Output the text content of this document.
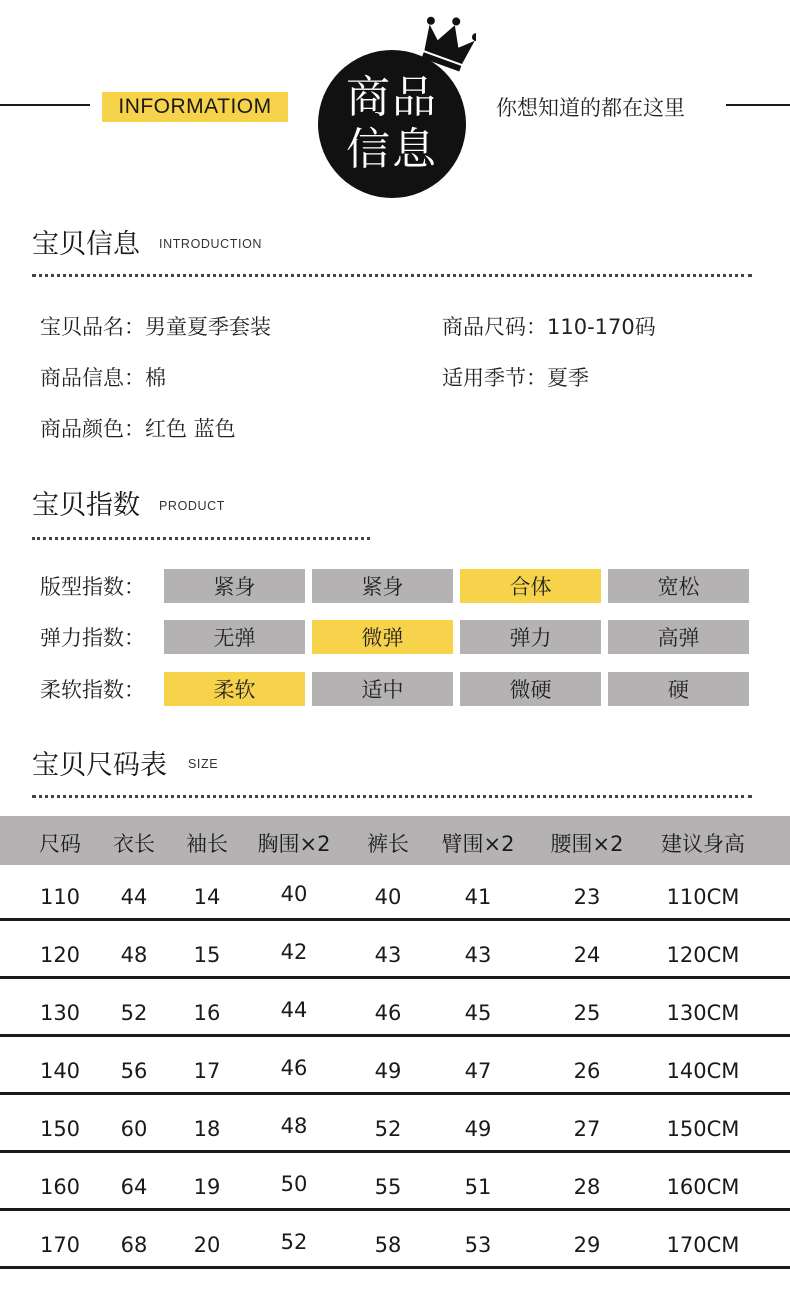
INFORMATIOM	商品
信息
你想知道的都在这里
宝贝信息 INTRODUCTION
宝贝品名：男童夏季套装	商品尺码：110-170码
商品信息：棉	适用季节：夏季
商品颜色：红色 蓝色
宝贝指数 PRODUCT
版型指数：	紧身	紧身	合体	宽松
弹力指数：	无弹	微弹	弹力	高弹
柔软指数：	柔软	适中	微硬	硬
宝贝尺码表 SIZE
尺码 衣长 袖长 胸围×2 裤长 臂围×2 腰围×2 建议身高
110 44 14	40	40	41	23	110CM
120 48 15	42	43	43	24	120CM
130 52 16	44	46	45	25	130CM
140 56 17	46	49	47	26	140CM
150 60 18	48	52	49	27	150CM
160 64 19	50	55	51	28	160CM
170 68 20	52	58	53	29	170CM
